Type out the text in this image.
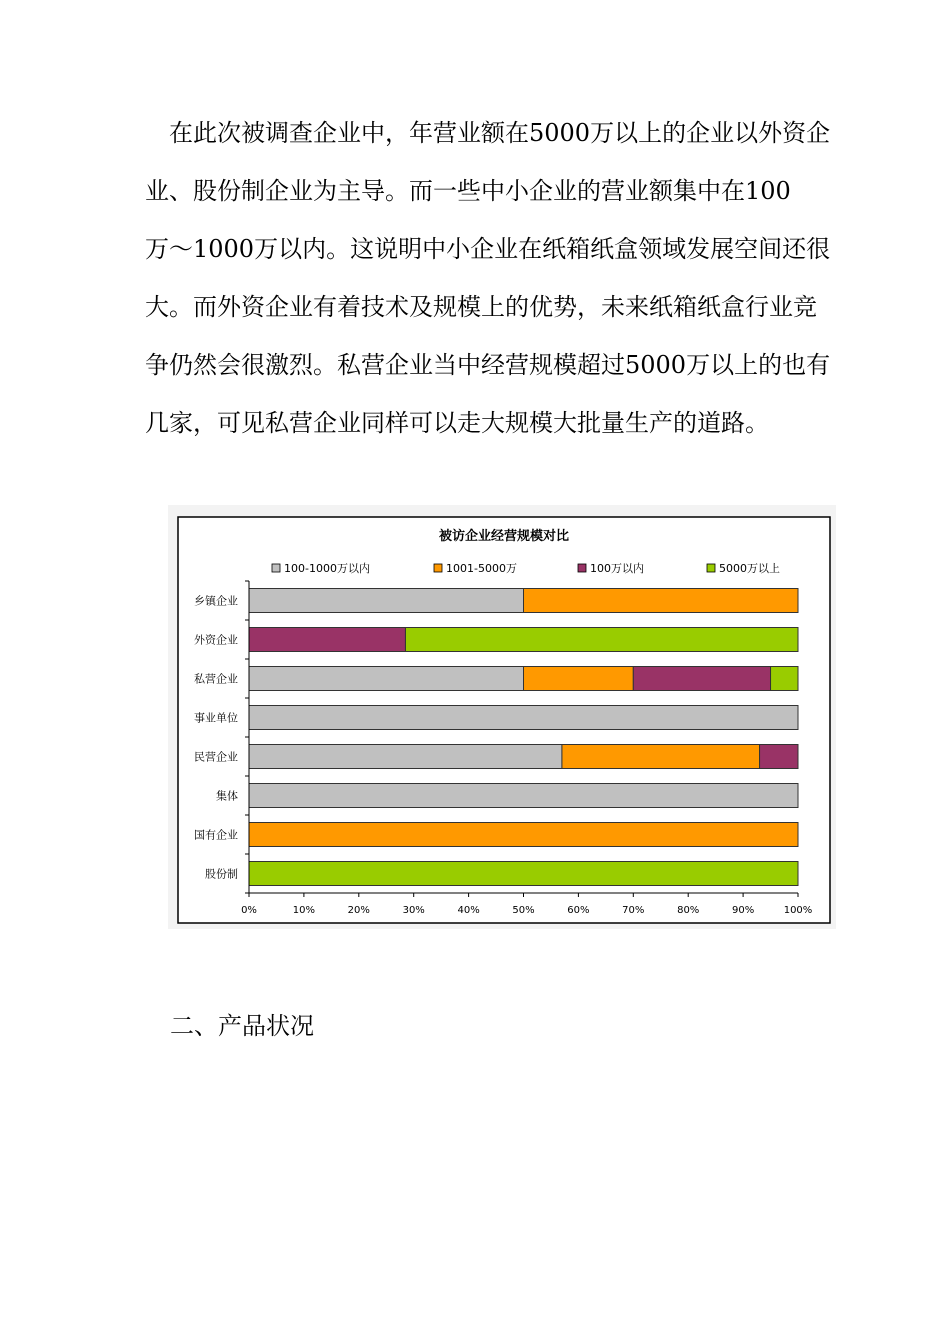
在此次被调查企业中，年营业额在5000万以上的企业以外资企
业、股份制企业为主导。而一些中小企业的营业额集中在100
万～1000万以内。这说明中小企业在纸箱纸盒领域发展空间还很
大。而外资企业有着技术及规模上的优势，未来纸箱纸盒行业竞
争仍然会很激烈。私营企业当中经营规模超过5000万以上的也有
几家，可见私营企业同样可以走大规模大批量生产的道路。
被访企业经营规模对比
100-1000万以内	1001-5000万	100万以内	5000万以上
乡镇企业
外资企业
私营企业
事业单位
民营企业
集体
国有企业
股份制
0%	10%	20%	30%	40%	50%	60%	70%	80%	90%	100%
二、产品状况
